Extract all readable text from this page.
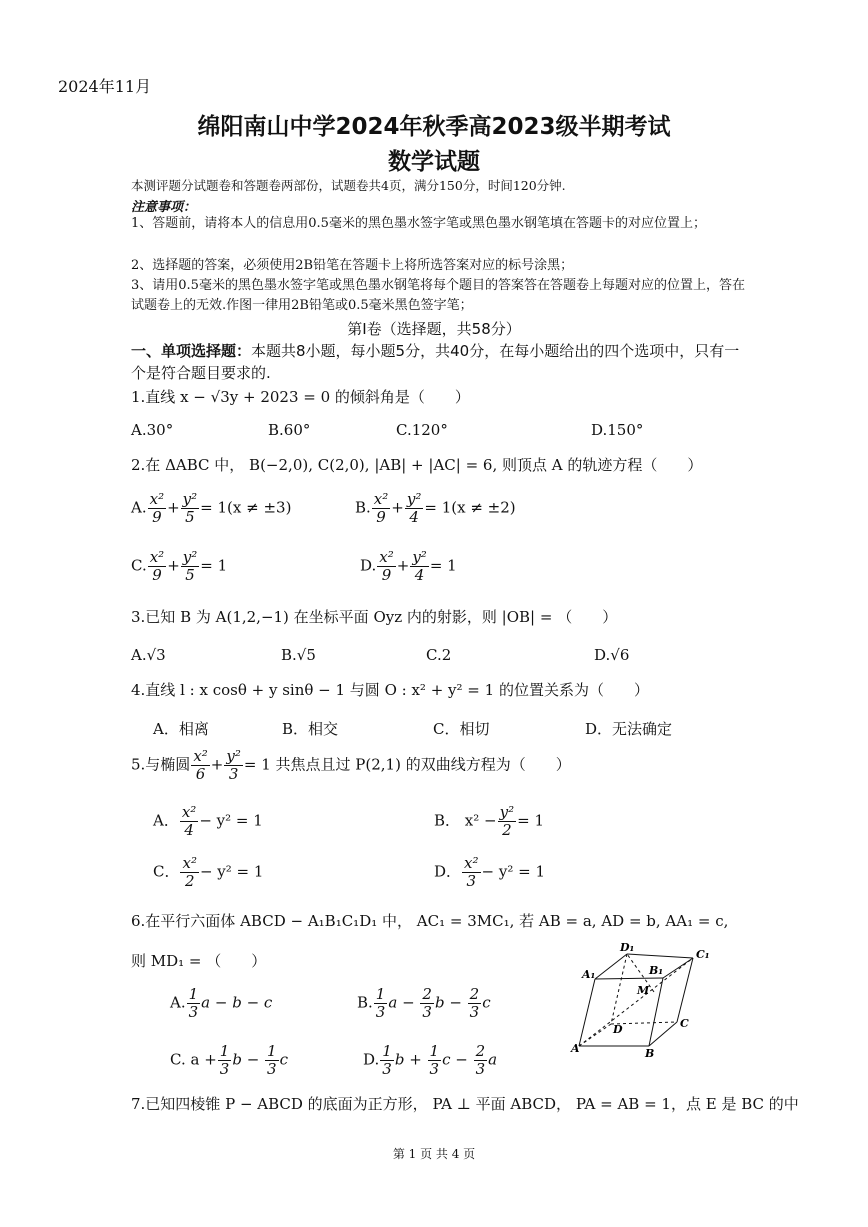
2024年11月
绵阳南山中学2024年秋季高2023级半期考试
数学试题
本测评题分试题卷和答题卷两部份，试题卷共4页，满分150分，时间120分钟.
注意事项：
1、答题前，请将本人的信息用0.5毫米的黑色墨水签字笔或黑色墨水钢笔填在答题卡的对应位置上；
2、选择题的答案，必须使用2B铅笔在答题卡上将所选答案对应的标号涂黑；
3、请用0.5毫米的黑色墨水签字笔或黑色墨水钢笔将每个题目的答案答在答题卷上每题对应的位置上，答在试题卷上的无效.作图一律用2B铅笔或0.5毫米黑色签字笔；
第Ⅰ卷（选择题，共58分）
一、单项选择题：本题共8小题，每小题5分，共40分，在每小题给出的四个选项中，只有一个是符合题目要求的.
1.直线 x − √3y + 2023 = 0 的倾斜角是（　　）
A.30°	B.60°	C.120°	D.150°
2.在 ΔABC 中， B(−2,0), C(2,0), |AB| + |AC| = 6, 则顶点 A 的轨迹方程（　　）
A. $\frac{\text{x²}}{9} + \frac{\text{y²}}{5} = 1(x \ne \pm 3)$	B. $\frac{\text{x²}}{9} + \frac{\text{y²}}{4} = 1(x \ne \pm 2)$
C. $\frac{\text{x²}}{9} + \frac{\text{y²}}{5} = 1$	D. $\frac{\text{x²}}{9} + \frac{\text{y²}}{4} = 1$
3.已知 B 为 A(1,2,−1) 在坐标平面 Oyz 内的射影，则 |OB| = （　　）
A.√3	B.√5	C.2	D.√6
4.直线 l : x cosθ + y sinθ − 1 与圆 O : x² + y² = 1 的位置关系为（　　）
A．相离	B．相交	C．相切	D．无法确定
5.与椭圆 $\frac{\text{x²}}{6} + \frac{\text{y²}}{3} = 1$ 共焦点且过 P(2,1) 的双曲线方程为（　　）
A． $\frac{\text{x²}}{4} - y^2 = 1$	B． $x^2 - \frac{\text{y²}}{2} = 1$
C． $\frac{\text{x²}}{2} - y^2 = 1$	D． $\frac{\text{x²}}{3} - y^2 = 1$
6.在平行六面体 ABCD − A₁B₁C₁D₁ 中， AC₁ = 3MC₁, 若 AB = a, AD = b, AA₁ = c,
则 MD₁ = （　　）
A. $\frac{1}{3}$ a − b − c	B. $\frac{1}{3}$ $a - \frac{2}{3}$ $b - \frac{2}{3}$ c
C. $a + \frac{1}{3}$ $b - \frac{1}{3}$ c	D. $\frac{1}{3}$ $b + \frac{1}{3}$ $c - \frac{2}{3}$ a
D₁
C₁
A₁	B₁
M
D	C
A	B
7.已知四棱锥 P − ABCD 的底面为正方形， PA ⊥ 平面 ABCD， PA = AB = 1，点 E 是 BC 的中
第 1 页 共 4 页
